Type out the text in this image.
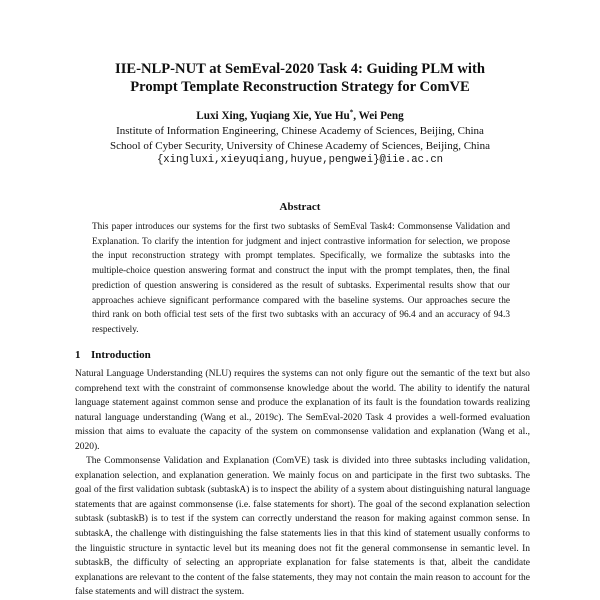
IIE-NLP-NUT at SemEval-2020 Task 4: Guiding PLM with
Prompt Template Reconstruction Strategy for ComVE
Luxi Xing, Yuqiang Xie, Yue Hu*, Wei Peng
Institute of Information Engineering, Chinese Academy of Sciences, Beijing, China
School of Cyber Security, University of Chinese Academy of Sciences, Beijing, China
{xingluxi,xieyuqiang,huyue,pengwei}@iie.ac.cn
Abstract

This paper introduces our systems for the first two subtasks of SemEval Task4: Commonsense Validation and Explanation. To clarify the intention for judgment and inject contrastive information for selection, we propose the input reconstruction strategy with prompt templates. Specifically, we formalize the subtasks into the multiple-choice question answering format and construct the input with the prompt templates, then, the final prediction of question answering is considered as the result of subtasks. Experimental results show that our approaches achieve significant performance compared with the baseline systems. Our approaches secure the third rank on both official test sets of the first two subtasks with an accuracy of 96.4 and an accuracy of 94.3 respectively.

1 Introduction

Natural Language Understanding (NLU) requires the systems can not only figure out the semantic of the text but also comprehend text with the constraint of commonsense knowledge about the world. The ability to identify the natural language statement against common sense and produce the explanation of its fault is the foundation towards realizing natural language understanding (Wang et al., 2019c). The SemEval-2020 Task 4 provides a well-formed evaluation mission that aims to evaluate the capacity of the system on commonsense validation and explanation (Wang et al., 2020).

The Commonsense Validation and Explanation (ComVE) task is divided into three subtasks including validation, explanation selection, and explanation generation. We mainly focus on and participate in the first two subtasks. The goal of the first validation subtask (subtaskA) is to inspect the ability of a system about distinguishing natural language statements that are against commonsense (i.e. false statements for short). The goal of the second explanation selection subtask (subtaskB) is to test if the system can correctly understand the reason for making against common sense. In subtaskA, the challenge with distinguishing the false statements lies in that this kind of statement usually conforms to the linguistic structure in syntactic level but its meaning does not fit the general commonsense in semantic level. In subtaskB, the difficulty of selecting an appropriate explanation for false statements is that, albeit the candidate explanations are relevant to the content of the false statements, they may not contain the main reason to account for the false statements and will distract the system.
